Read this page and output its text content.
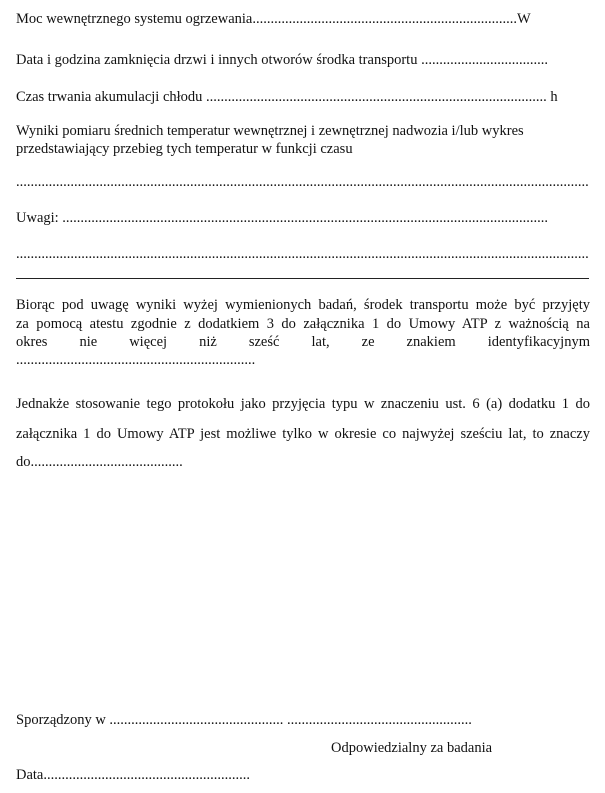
Moc wewnętrznego systemu ogrzewania.........................................................................W
Data i godzina zamknięcia drzwi i innych otworów środka transportu ...................................
Czas trwania akumulacji chłodu .............................................................................................. h
Wyniki pomiaru średnich temperatur wewnętrznej i zewnętrznej nadwozia i/lub wykres
przedstawiający przebieg tych temperatur w funkcji czasu
..............................................................................................................................................................
Uwagi: ......................................................................................................................................
..............................................................................................................................................................
Biorąc pod uwagę wyniki wyżej wymienionych badań, środek transportu może być przyjęty
za pomocą atestu zgodnie z dodatkiem 3 do załącznika 1 do Umowy ATP z ważnością na
okres nie więcej niż sześć lat, ze znakiem identyfikacyjnym
..................................................................
Jednakże stosowanie tego protokołu jako przyjęcia typu w znaczeniu ust. 6 (a) dodatku 1 do
załącznika 1 do Umowy ATP jest możliwe tylko w okresie co najwyżej sześciu lat, to znaczy
do..........................................
Sporządzony w ................................................ ...................................................
Odpowiedzialny za badania
Data.........................................................
